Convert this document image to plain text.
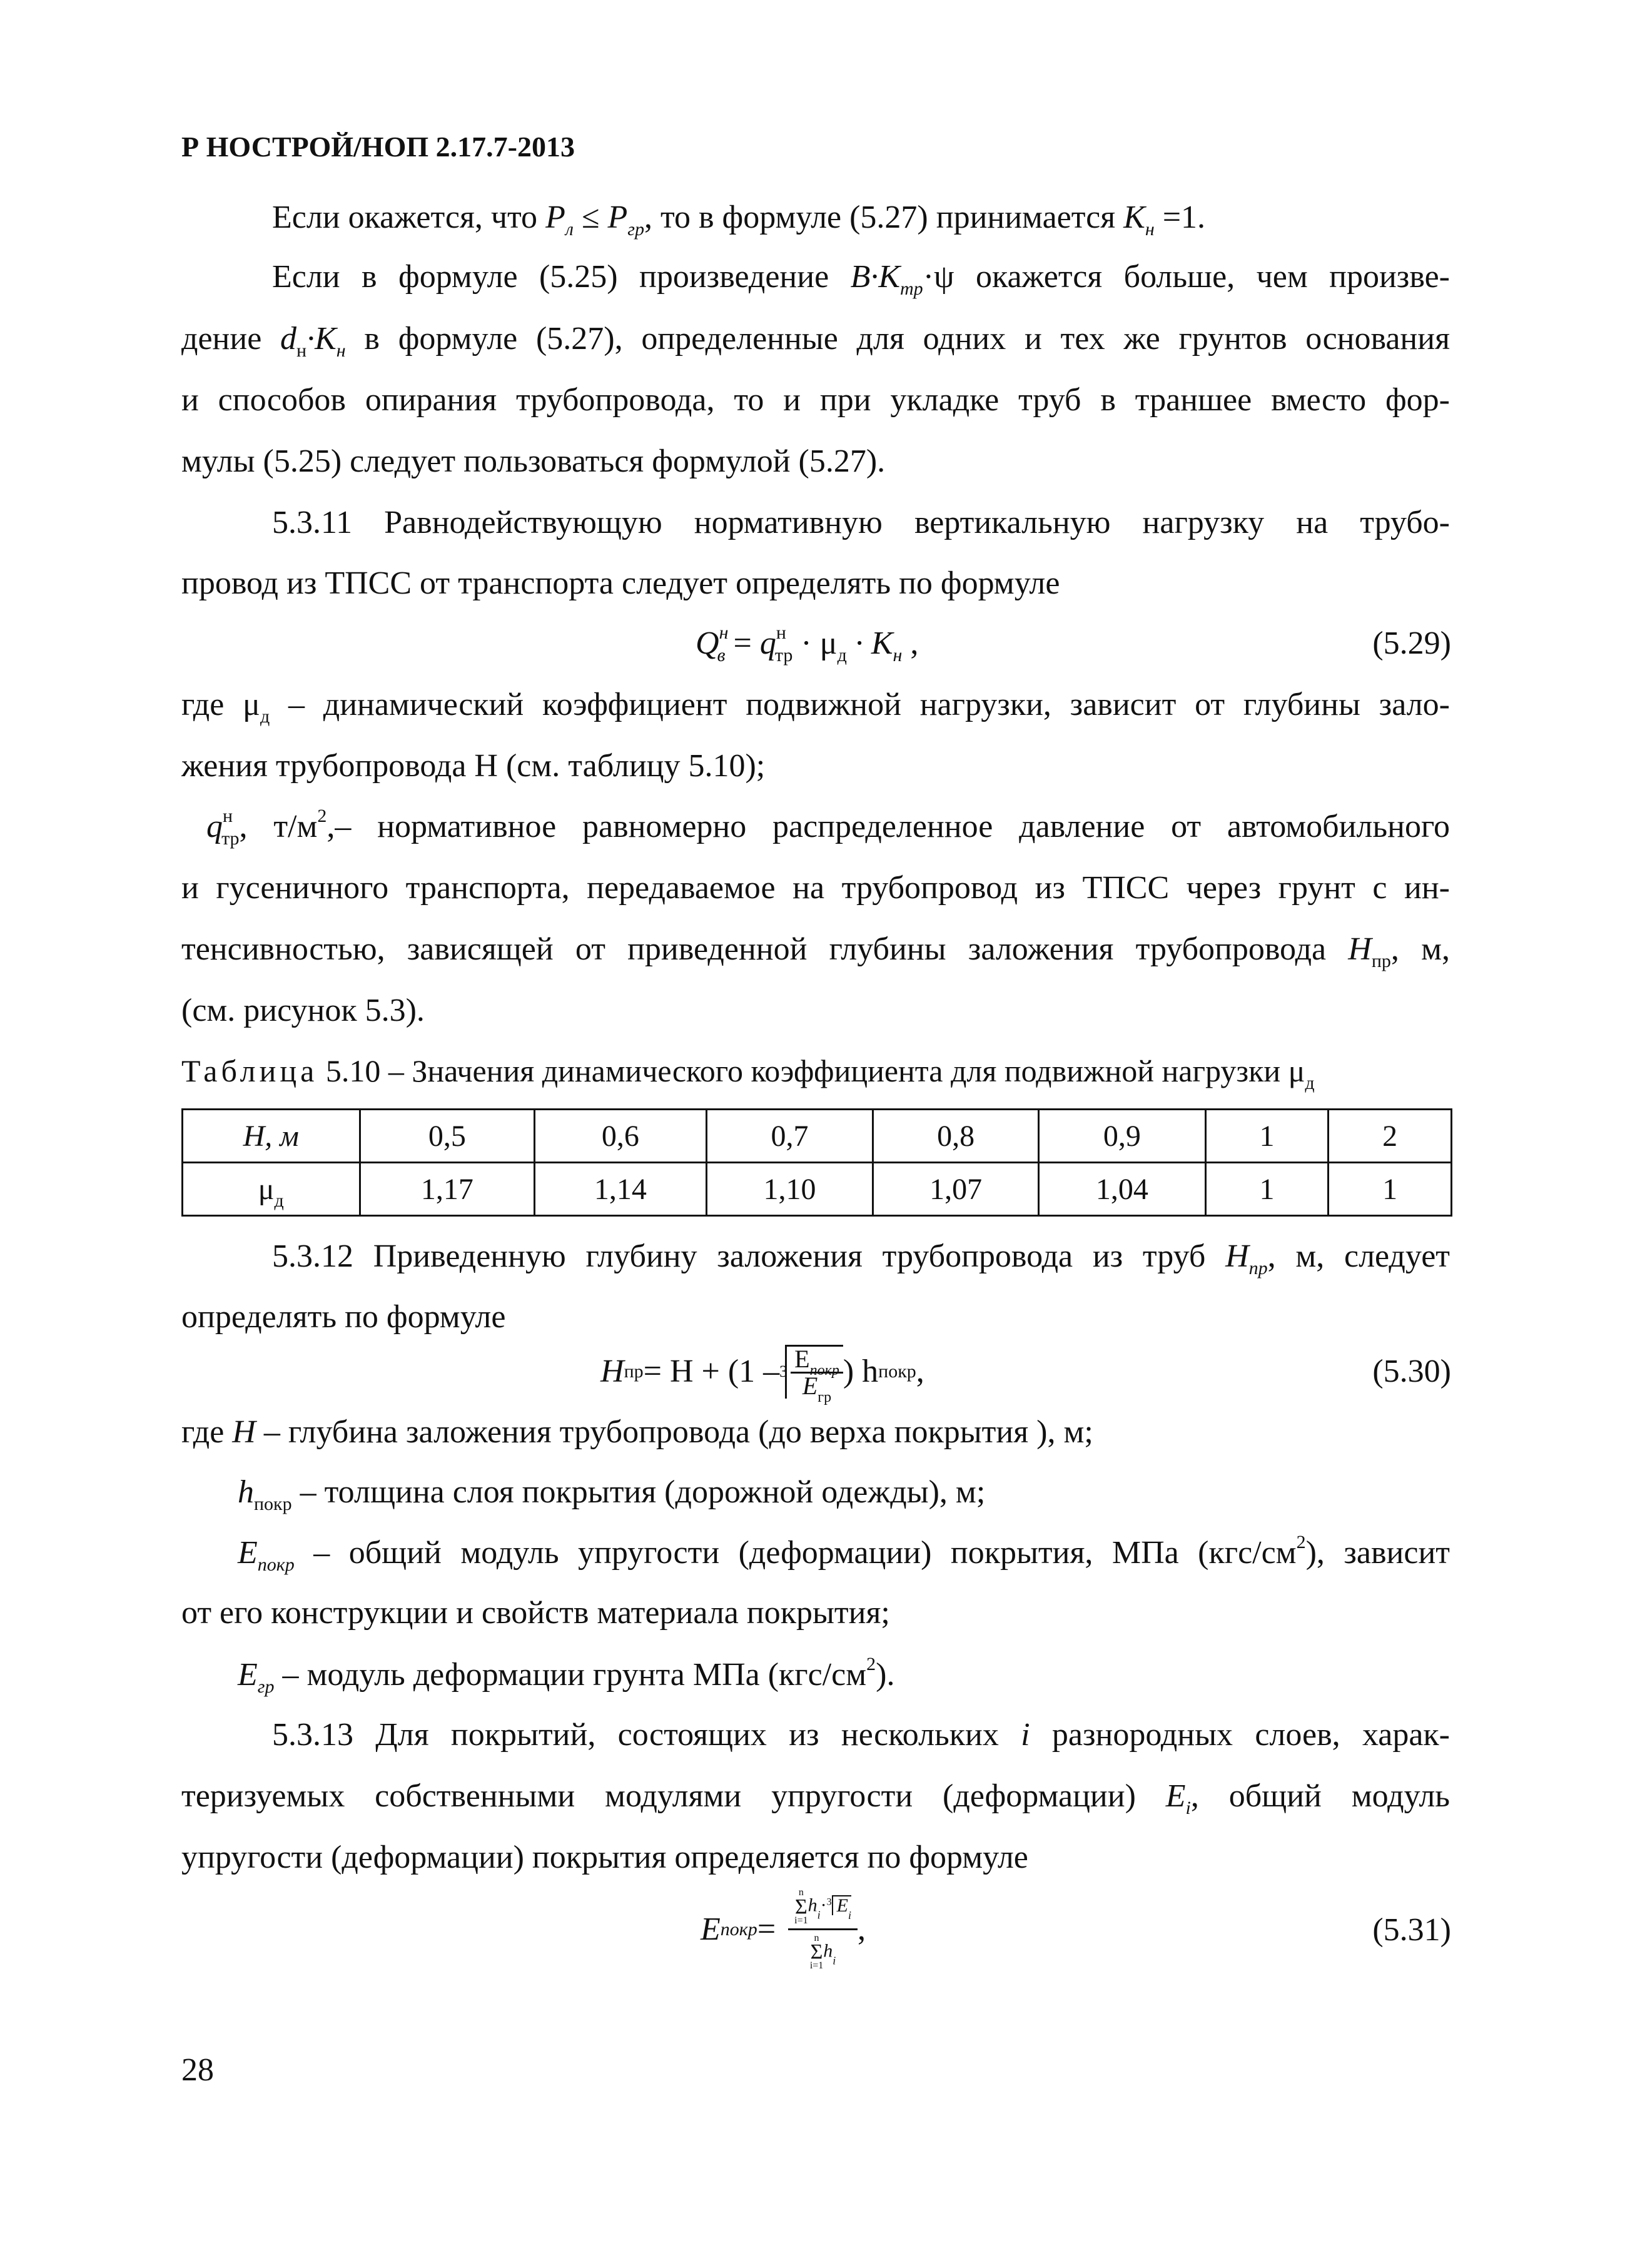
Р НОСТРОЙ/НОП 2.17.7-2013
Если окажется, что $P_л \le P_{гр}$, то в формуле (5.27) принимается $K_н =1$.
Если в формуле (5.25) произведение $B\cdot K_{тр}\cdot\psi$ окажется больше, чем произве-
дение $d_н\cdot K_н$ в формуле (5.27), определенные для одних и тех же грунтов основания
и способов опирания трубопровода, то и при укладке труб в траншее вместо фор-
мулы (5.25) следует пользоваться формулой (5.27).
5.3.11 Равнодействующую нормативную вертикальную нагрузку на трубо-
провод из ТПСС от транспорта следует определять по формуле
$Q^н_в = q^н_{тр} \cdot \mu_д \cdot K_н$ ,	(5.29)
где $\mu_д$ – динамический коэффициент подвижной нагрузки, зависит от глубины зало-
жения трубопровода Н (см. таблицу 5.10);
$q^н_{тр}$, $т/м^2,-$ нормативное равномерно распределенное давление от автомобильного
и гусеничного транспорта, передаваемое на трубопровод из ТПСС через грунт с ин-
тенсивностью, зависящей от приведенной глубины заложения трубопровода $H_{пр}$, м,
(см. рисунок 5.3).
Таблица 5.10 – Значения динамического коэффициента для подвижной нагрузки $\mu_д$
H, м	0,5	0,6	0,7	0,8	0,9	1	2
$\mu_д$	1,17	1,14	1,10	1,07	1,04	1	1
5.3.12 Приведенную глубину заложения трубопровода из труб $H_{пр}$, м, следует
определять по формуле
H пр = $H + (1 - 3 \frac{E_{покр}}{E_{гр}}$ ) h покр ,	(5.30)
где H – глубина заложения трубопровода (до верха покрытия ), м;
$h_{покр}$ – толщина слоя покрытия (дорожной одежды), м;
$E_{покр}$ – общий модуль упругости (деформации) покрытия, МПа $(кгс/см^2)$, зависит
от его конструкции и свойств материала покрытия;
$E_{гр}$ – модуль деформации грунта МПа $(кгс/см^2)$.
5.3.13 Для покрытий, состоящих из нескольких i разнородных слоев, харак-
теризуемых собственными модулями упругости (деформации) $E_i$, общий модуль
упругости (деформации) покрытия определяется по формуле
E покр = n
Σ
i=1
$h_i\cdot^3$ $E_i$
n
Σ
i=1
$h_i$ ,	(5.31)
28
